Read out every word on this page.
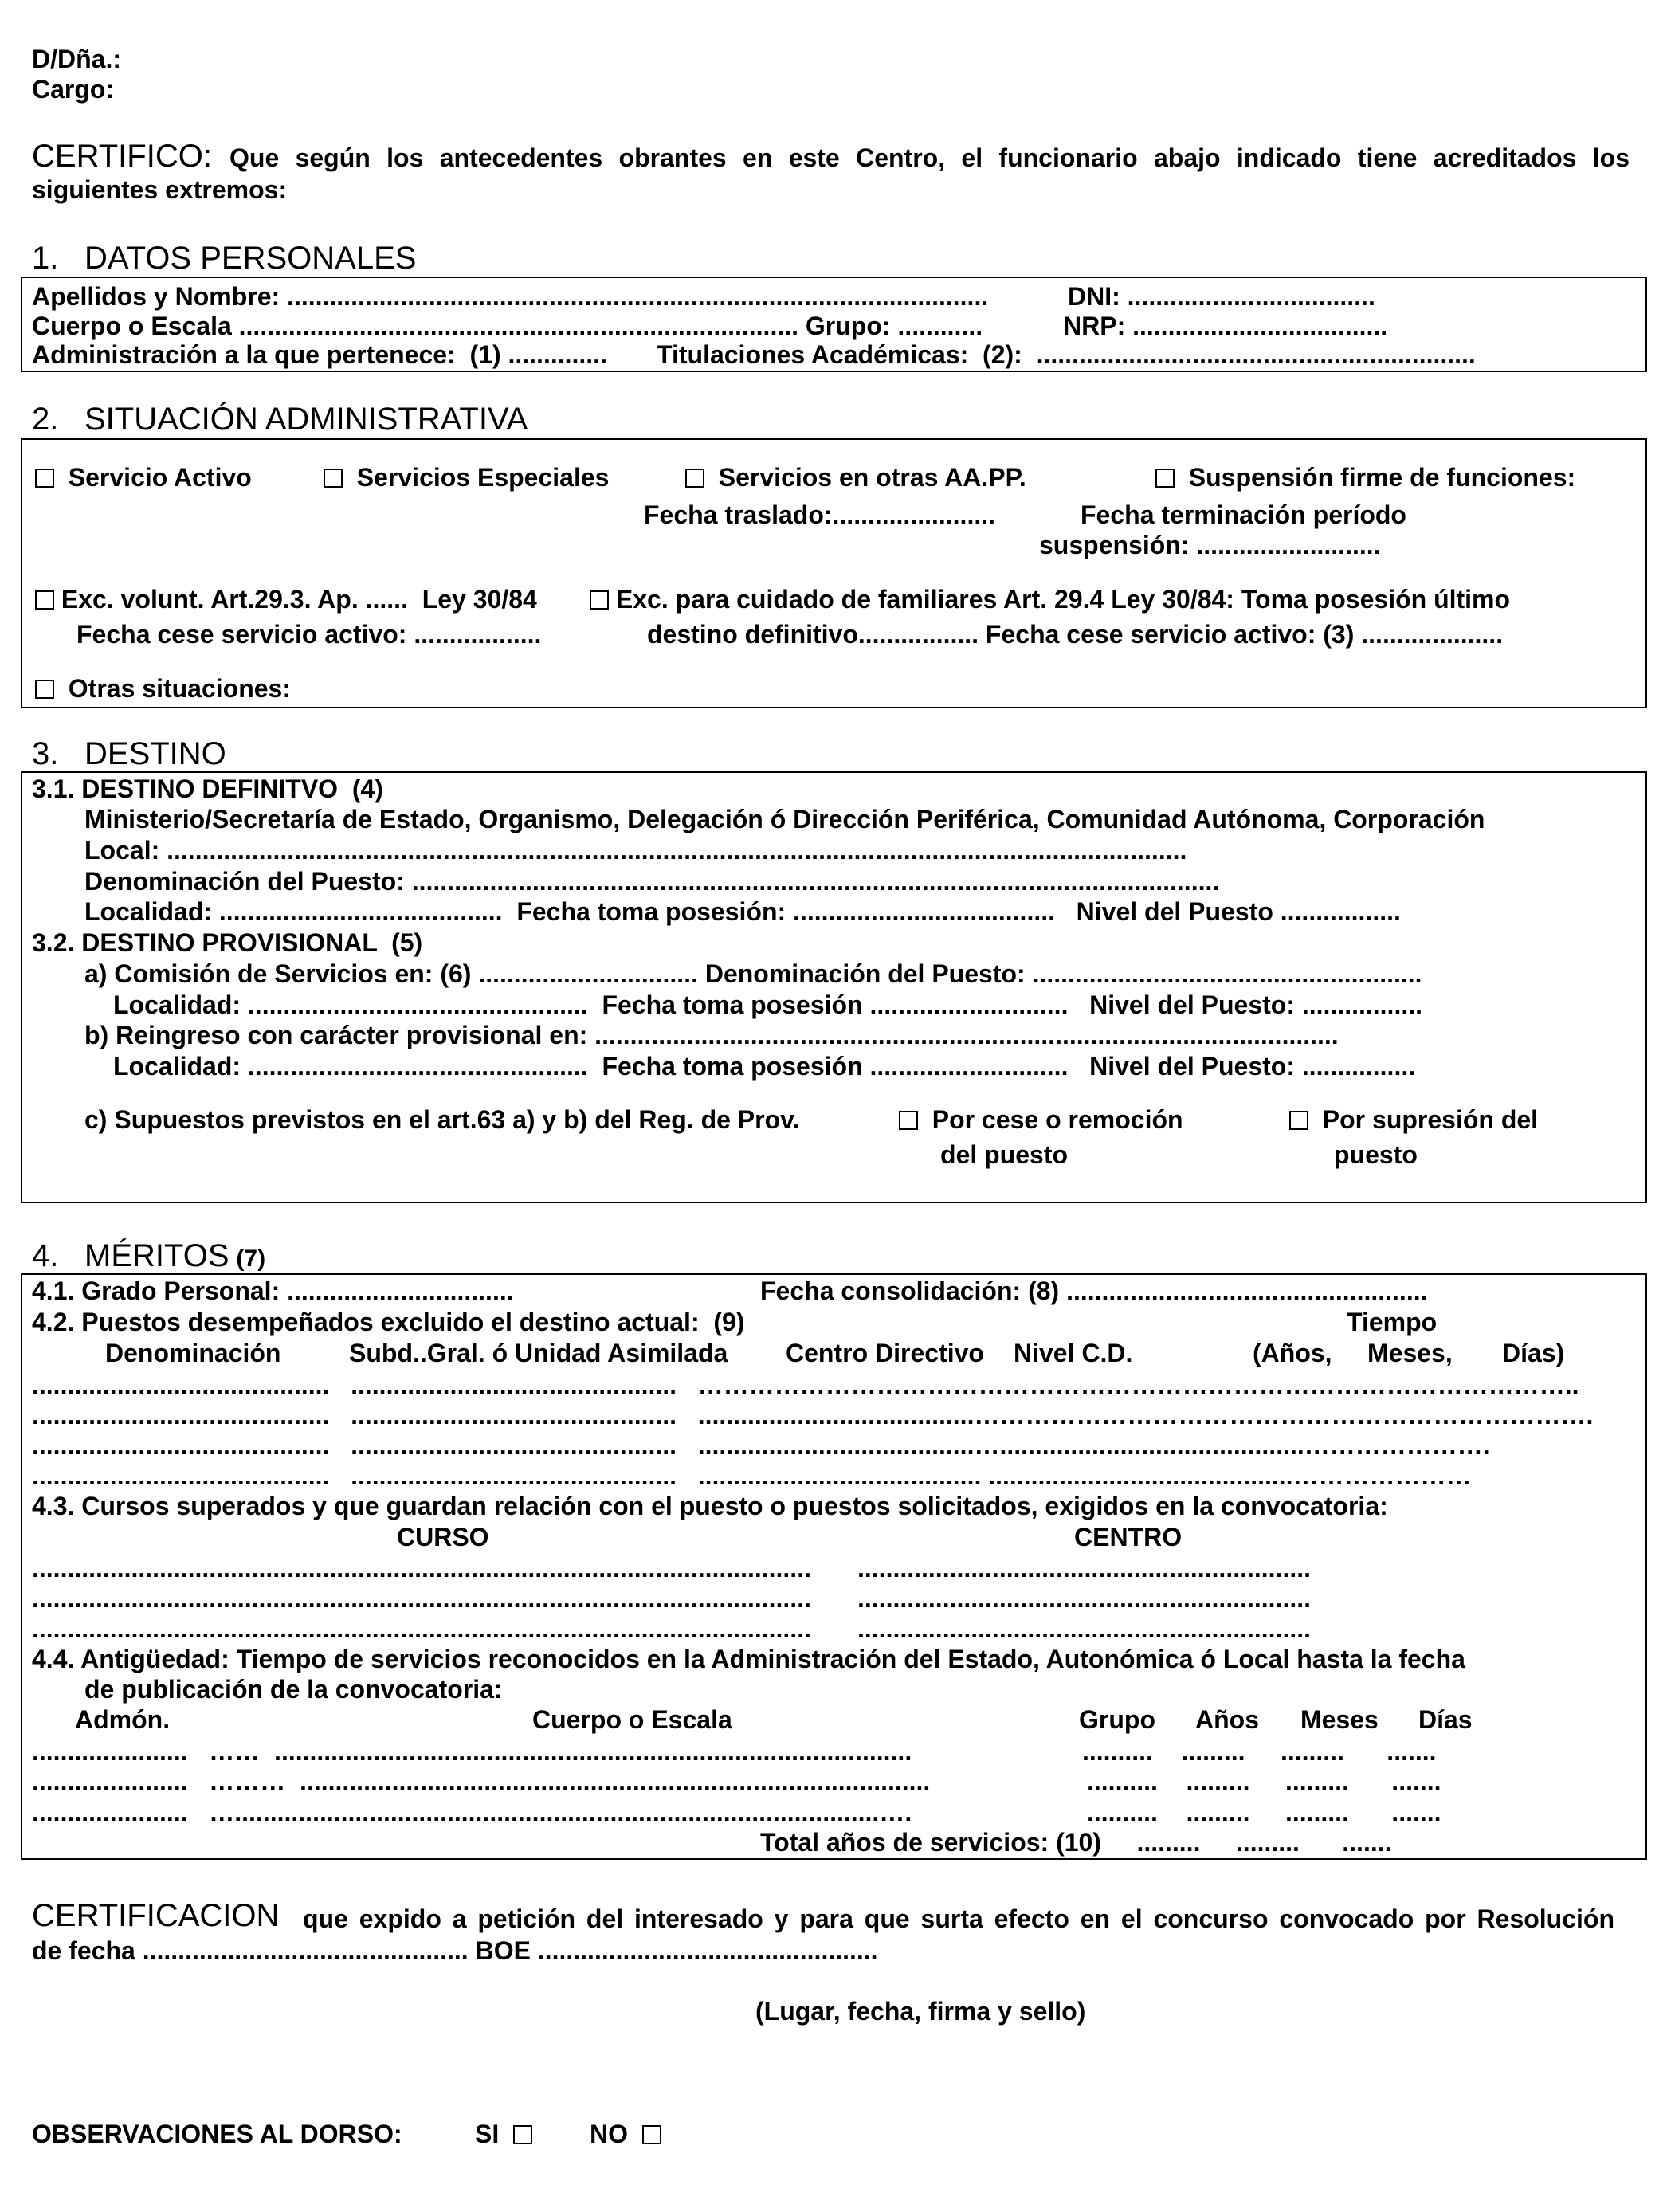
D/Dña.:
Cargo:
CERTIFICO: Que según los antecedentes obrantes en este Centro, el funcionario abajo indicado tiene acreditados los
siguientes extremos:
1. DATOS PERSONALES
Apellidos y Nombre: ...................................................................................................	DNI: ...................................
Cuerpo o Escala ............................................................................... Grupo: ............	NRP: ....................................
Administración a la que pertenece:  (1) .............. Titulaciones Académicas:  (2):  ..............................................................
2. SITUACIÓN ADMINISTRATIVA
Servicio Activo	Servicios Especiales	Servicios en otras AA.PP.	Suspensión firme de funciones:
Fecha traslado:.......................	Fecha terminación período
suspensión: ..........................
Exc. volunt. Art.29.3. Ap. ......  Ley 30/84
Fecha cese servicio activo: ..................
Exc. para cuidado de familiares Art. 29.4 Ley 30/84: Toma posesión último
destino definitivo................. Fecha cese servicio activo: (3) ....................
Otras situaciones:
3. DESTINO
3.1. DESTINO DEFINITVO  (4)
Ministerio/Secretaría de Estado, Organismo, Delegación ó Dirección Periférica, Comunidad Autónoma, Corporación
Local: ................................................................................................................................................
Denominación del Puesto: ..................................................................................................................
Localidad: ........................................  Fecha toma posesión: .....................................   Nivel del Puesto .................
3.2. DESTINO PROVISIONAL  (5)
a) Comisión de Servicios en: (6) ............................... Denominación del Puesto: .......................................................
Localidad: ................................................  Fecha toma posesión ............................   Nivel del Puesto: .................
b) Reingreso con carácter provisional en: .........................................................................................................
Localidad: ................................................  Fecha toma posesión ............................   Nivel del Puesto: ................
c) Supuestos previstos en el art.63 a) y b) del Reg. de Prov.	Por cese o remoción
del puesto
Por supresión del
puesto
4. MÉRITOS (7)
4.1. Grado Personal: ................................	Fecha consolidación: (8) ...................................................
4.2. Puestos desempeñados excluido el destino actual:  (9)	Tiempo
Denominación	Subd..Gral. ó Unidad Asimilada Centro Directivo Nivel C.D.	(Años,     Meses,       Días)
..........................................   ..............................................   …………………………………………………………………………………………..
..........................................   ..............................................   .......................................……………………………………………………………….
..........................................   ..............................................   .......................................…...........................................………………….
..........................................   ..............................................   ........................................ ...........................................…………………
4.3. Cursos superados y que guardan relación con el puesto o puestos solicitados, exigidos en la convocatoria:
CURSO	CENTRO
.............................................................................................................. ................................................................
.............................................................................................................. ................................................................
.............................................................................................................. ................................................................
4.4. Antigüedad: Tiempo de servicios reconocidos en la Administración del Estado, Autonómica ó Local hasta la fecha
de publicación de la convocatoria:
Admón.	Cuerpo o Escala	Grupo Años Meses Días
......................   ……  ..........................................................................................	..........    .........     .........      .......
......................   ………  .........................................................................................	..........    .........     .........      .......
......................   …...........................................................................................….	..........    .........     .........      .......
Total años de servicios: (10)     .........     .........      .......
CERTIFICACION que expido a petición del interesado y para que surta efecto en el concurso convocado por Resolución
de fecha .............................................. BOE ................................................
(Lugar, fecha, firma y sello)
OBSERVACIONES AL DORSO:	SI	NO
